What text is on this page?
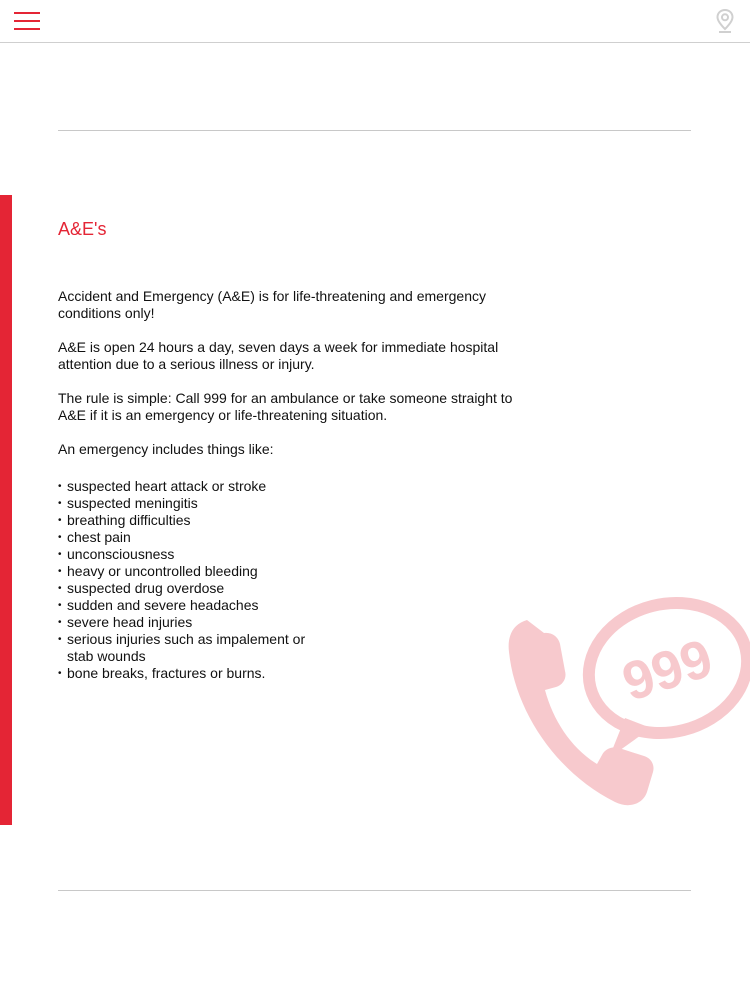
A&E's

Accident and Emergency (A&E) is for life-threatening and emergency conditions only!

A&E is open 24 hours a day, seven days a week for immediate hospital attention due to a serious illness or injury.

The rule is simple: Call 999 for an ambulance or take someone straight to A&E if it is an emergency or life-threatening situation.

An emergency includes things like:

• suspected heart attack or stroke
• suspected meningitis
• breathing difficulties
• chest pain
• unconsciousness
• heavy or uncontrolled bleeding
• suspected drug overdose
• sudden and severe headaches
• severe head injuries
• serious injuries such as impalement or stab wounds
• bone breaks, fractures or burns.	999
